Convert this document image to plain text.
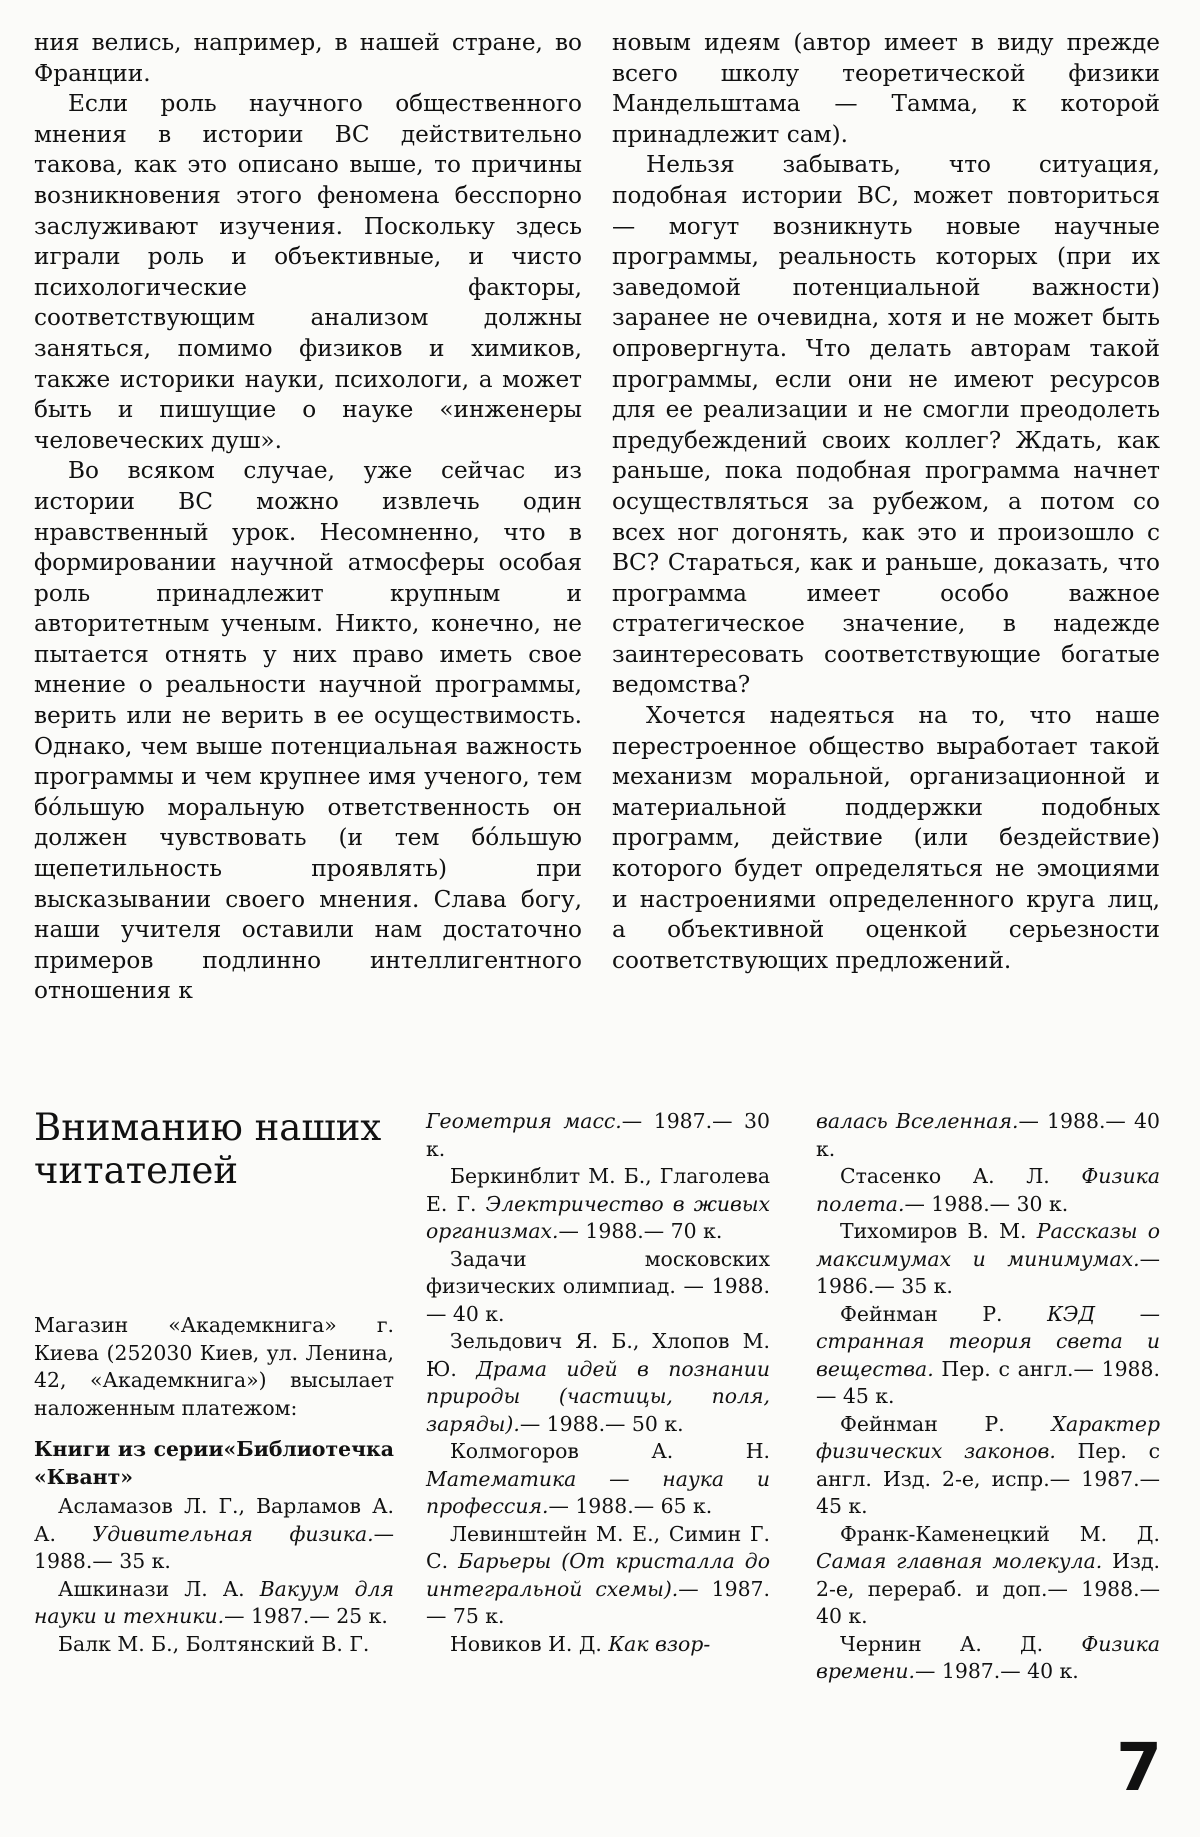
ния велись, например, в нашей стране, во Франции.

Если роль научного общественного мнения в истории ВС действительно такова, как это описано выше, то причины возникновения этого феномена бесспорно заслуживают изучения. Поскольку здесь играли роль и объективные, и чисто психологические факторы, соответствующим анализом должны заняться, помимо физиков и химиков, также историки науки, психологи, а может быть и пишущие о науке «инженеры человеческих душ».

Во всяком случае, уже сейчас из истории ВС можно извлечь один нравственный урок. Несомненно, что в формировании научной атмосферы особая роль принадлежит крупным и авторитетным ученым. Никто, конечно, не пытается отнять у них право иметь свое мнение о реальности научной программы, верить или не верить в ее осуществимость. Однако, чем выше потенциальная важность программы и чем крупнее имя ученого, тем бóльшую моральную ответственность он должен чувствовать (и тем бóльшую щепетильность проявлять) при высказывании своего мнения. Слава богу, наши учителя оставили нам достаточно примеров подлинно интеллигентного отношения к

новым идеям (автор имеет в виду прежде всего школу теоретической физики Мандельштама — Тамма, к которой принадлежит сам).

Нельзя забывать, что ситуация, подобная истории ВС, может повториться — могут возникнуть новые научные программы, реальность которых (при их заведомой потенциальной важности) заранее не очевидна, хотя и не может быть опровергнута. Что делать авторам такой программы, если они не имеют ресурсов для ее реализации и не смогли преодолеть предубеждений своих коллег? Ждать, как раньше, пока подобная программа начнет осуществляться за рубежом, а потом со всех ног догонять, как это и произошло с ВС? Стараться, как и раньше, доказать, что программа имеет особо важное стратегическое значение, в надежде заинтересовать соответствующие богатые ведомства?

Хочется надеяться на то, что наше перестроенное общество выработает такой механизм моральной, организационной и материальной поддержки подобных программ, действие (или бездействие) которого будет определяться не эмоциями и настроениями определенного круга лиц, а объективной оценкой серьезности соответствующих предложений.

Вниманию наших читателей

Магазин «Академкнига» г. Киева (252030 Киев, ул. Ленина, 42, «Академкнига») высылает наложенным платежом:

Книги из серии«Библиотечка «Квант»

Асламазов Л. Г., Варламов А. А. Удивительная физика.— 1988.— 35 к.

Ашкинази Л. А. Вакуум для науки и техники.— 1987.— 25 к.

Балк М. Б., Болтянский В. Г.

Геометрия масс.— 1987.— 30 к.

Беркинблит М. Б., Глаголева Е. Г. Электричество в живых организмах.— 1988.— 70 к.

Задачи московских физических олимпиад. — 1988.— 40 к.

Зельдович Я. Б., Хлопов М. Ю. Драма идей в познании природы (частицы, поля, заряды).— 1988.— 50 к.

Колмогоров А. Н. Математика — наука и профессия.— 1988.— 65 к.

Левинштейн М. Е., Симин Г. С. Барьеры (От кристалла до интегральной схемы).— 1987.— 75 к.

Новиков И. Д. Как взор-

валась Вселенная.— 1988.— 40 к.

Стасенко А. Л. Физика полета.— 1988.— 30 к.

Тихомиров В. М. Рассказы о максимумах и минимумах.— 1986.— 35 к.

Фейнман Р. КЭД — странная теория света и вещества. Пер. с англ.— 1988.— 45 к.

Фейнман Р. Характер физических законов. Пер. с англ. Изд. 2-е, испр.— 1987.— 45 к.

Франк-Каменецкий М. Д. Самая главная молекула. Изд. 2-е, перераб. и доп.— 1988.— 40 к.

Чернин А. Д. Физика времени.— 1987.— 40 к.

7
